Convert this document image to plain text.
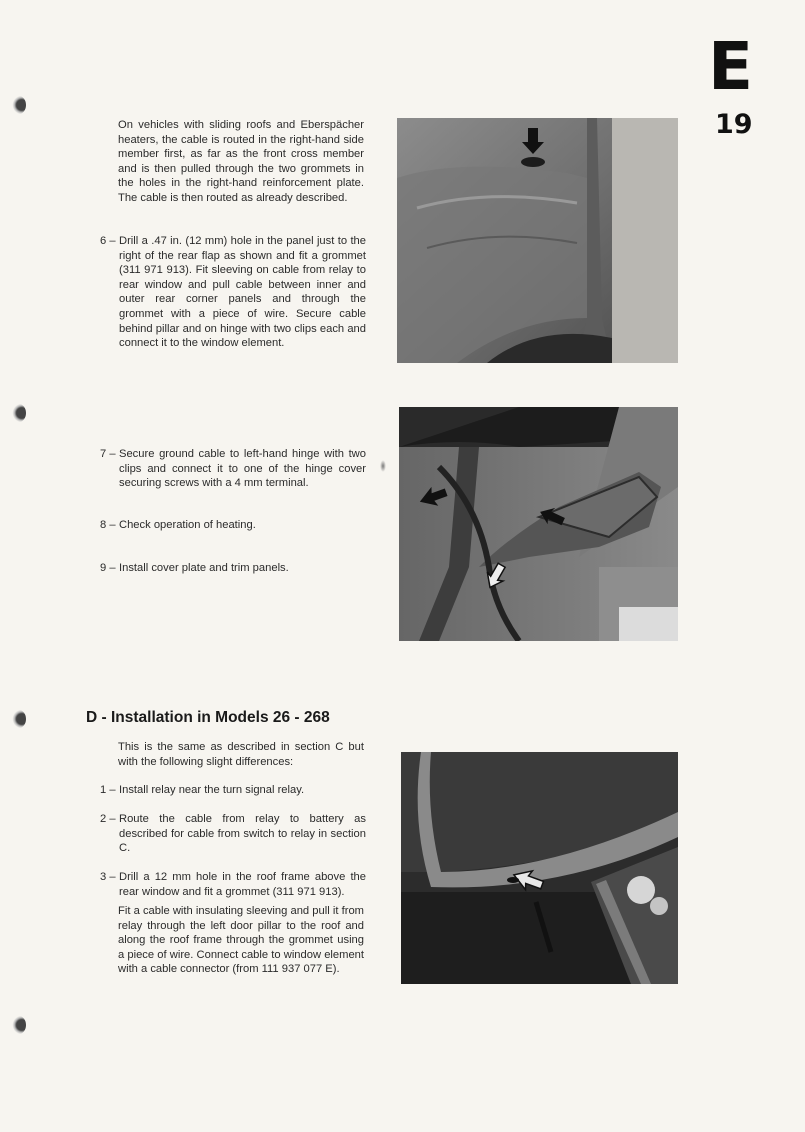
E
19
On vehicles with sliding roofs and Eberspächer heaters, the cable is routed in the right-hand side member first, as far as the front cross member and is then pulled through the two grommets in the holes in the right-hand reinforcement plate. The cable is then routed as already described.
6 – Drill a .47 in. (12 mm) hole in the panel just to the right of the rear flap as shown and fit a grommet (311 971 913). Fit sleeving on cable from relay to rear window and pull cable between inner and outer rear corner panels and through the grommet with a piece of wire. Secure cable behind pillar and on hinge with two clips each and connect it to the window element.
7 – Secure ground cable to left-hand hinge with two clips and connect it to one of the hinge cover securing screws with a 4 mm terminal.
8 – Check operation of heating.
9 – Install cover plate and trim panels.
D - Installation in Models 26 - 268
This is the same as described in section C but with the following slight differences:
1 – Install relay near the turn signal relay.
2 – Route the cable from relay to battery as described for cable from switch to relay in section C.
3 – Drill a 12 mm hole in the roof frame above the rear window and fit a grommet (311 971 913).
Fit a cable with insulating sleeving and pull it from relay through the left door pillar to the roof and along the roof frame through the grommet using a piece of wire. Connect cable to window element with a cable connector (from 111 937 077 E).
